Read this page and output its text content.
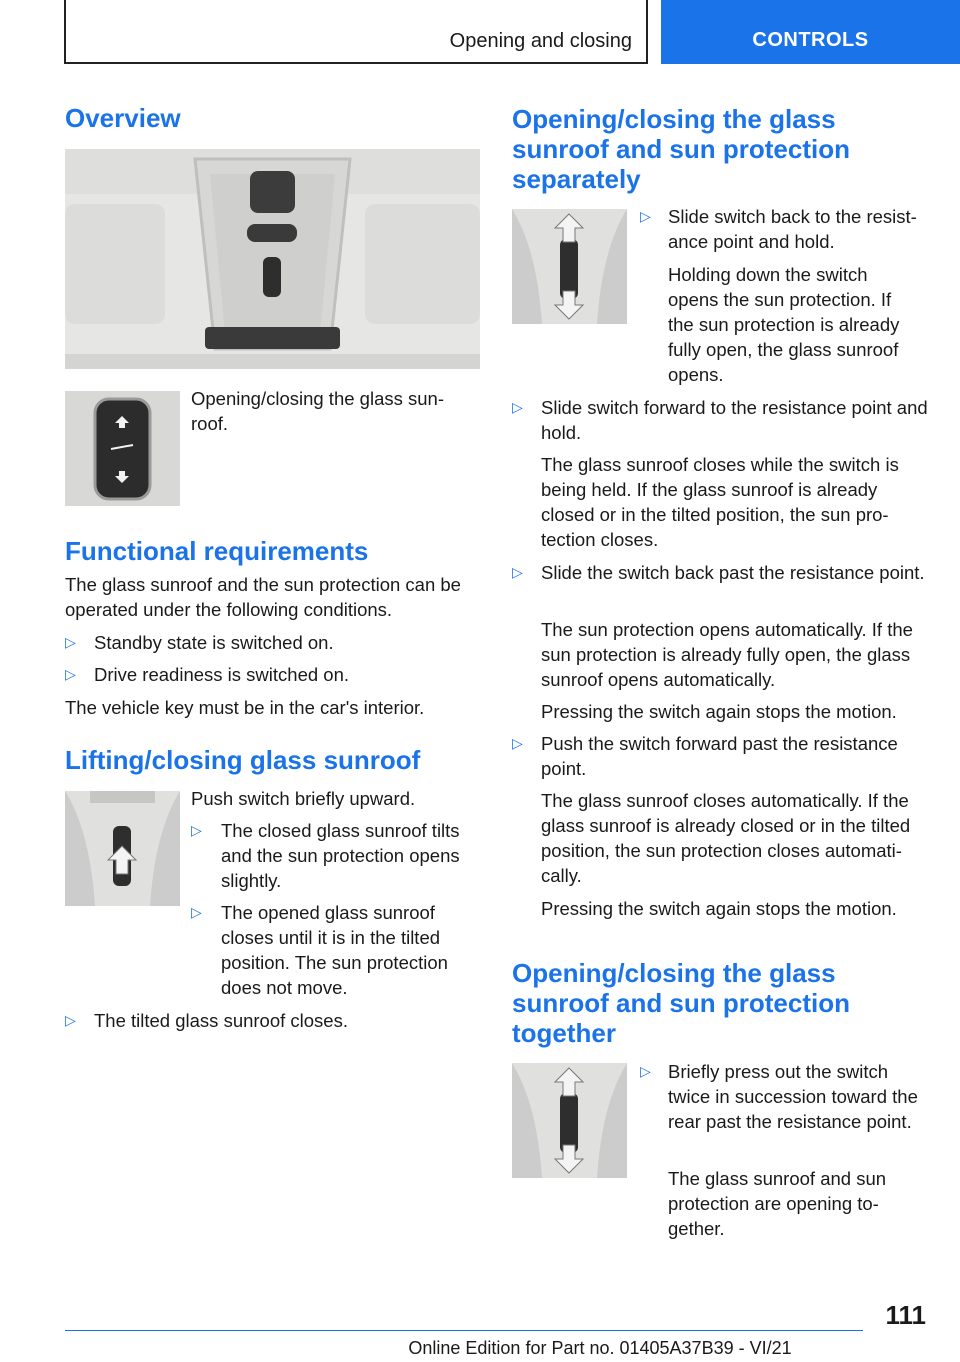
Opening and closing	CONTROLS
Overview
Opening/closing the glass sun-
roof.
Functional requirements
The glass sunroof and the sun protection can be operated under the following conditions.
▷ Standby state is switched on.
▷ Drive readiness is switched on.
The vehicle key must be in the car's interior.
Lifting/closing glass sunroof
Push switch briefly upward.
▷ The closed glass sunroof tilts and the sun protection opens slightly.
▷ The opened glass sunroof closes until it is in the tilted position. The sun protection does not move.
▷ The tilted glass sunroof closes.
Opening/closing the glass sunroof and sun protection separately
▷ Slide switch back to the resist-ance point and hold.
Holding down the switch opens the sun protection. If the sun protection is already fully open, the glass sunroof opens.
▷ Slide switch forward to the resistance point and hold.
The glass sunroof closes while the switch is being held. If the glass sunroof is already closed or in the tilted position, the sun pro-tection closes.
▷ Slide the switch back past the resistance point.
The sun protection opens automatically. If the sun protection is already fully open, the glass sunroof opens automatically.
Pressing the switch again stops the motion.
▷ Push the switch forward past the resistance point.
The glass sunroof closes automatically. If the glass sunroof is already closed or in the tilted position, the sun protection closes automati-cally.
Pressing the switch again stops the motion.
Opening/closing the glass sunroof and sun protection together
▷ Briefly press out the switch twice in succession toward the rear past the resistance point.
The glass sunroof and sun protection are opening to-gether.
111
Online Edition for Part no. 01405A37B39 - VI/21
